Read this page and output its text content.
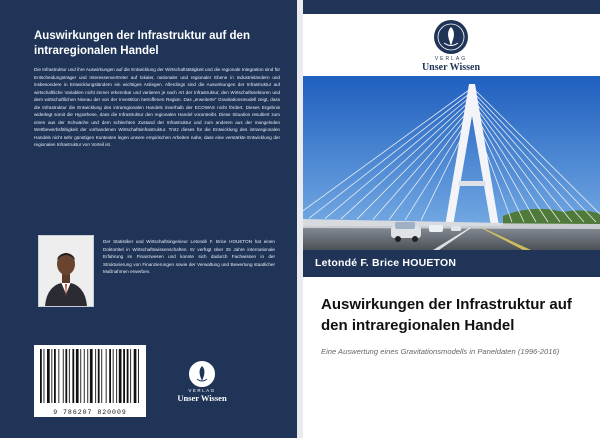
Auswirkungen der Infrastruktur auf den intraregionalen Handel
Die Infrastruktur und ihre Auswirkungen auf die Entwicklung der Wirtschaftstätigkeit und die regionale Integration sind für Entscheidungsträger und Interessenvertreter auf lokaler, nationaler und regionaler Ebene in Industrieländern und insbesondere in Entwicklungsländern ein wichtiges Anliegen. Allerdings sind die Auswirkungen der Infrastruktur auf wirtschaftliche Variablen nicht immer erkennbar und variieren je nach Art der Infrastruktur, den Wirtschaftssektoren und dem wirtschaftlichen Niveau der von der Investition betroffenen Region. Das „erweiterte“ Gravitationsmodell zeigt, dass die Infrastruktur die Entwicklung des intraregionalen Handels innerhalb der ECOWAS nicht fördert. Dieses Ergebnis widerlegt somit die Hypothese, dass die Infrastruktur den regionalen Handel vorantreibt. Diese Situation resultiert zum einen aus der Schwäche und dem schlechten Zustand der Infrastruktur und zum anderen aus der mangelnden Wettbewerbsfähigkeit der vorhandenen Wirtschaftsinfrastruktur. Trotz dieses für die Entwicklung des intraregionalen Handels nicht sehr günstigen Kontextes legen unsere empirischen Arbeiten nahe, dass eine verstärkte Entwicklung der regionalen Infrastruktur von Vorteil ist.
Der Statistiker und Wirtschaftsingenieur Letondé F. Brice HOUETON hat einen Doktortitel in Wirtschaftswissenschaften. Er verfügt über 25 Jahre internationale Erfahrung im Finanzwesen und konnte sich dadurch Fachwissen in der Strukturierung von Finanzierungen sowie der Verwaltung und Bewertung staatlicher Maßnahmen erwerben.
9 786207 820009
VERLAG
Unser Wissen
VERLAG
Unser Wissen
Letondé F. Brice HOUETON
Auswirkungen der Infrastruktur auf den intraregionalen Handel
Eine Auswertung eines Gravitationsmodells in Paneldaten (1996-2016)
